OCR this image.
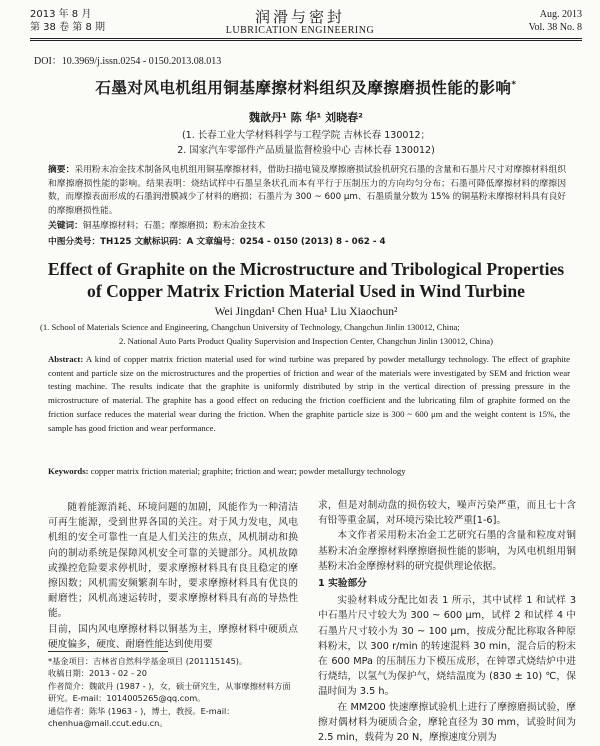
2013 年 8 月
第 38 卷 第 8 期
润滑与密封
LUBRICATION ENGINEERING
Aug. 2013
Vol. 38 No. 8
DOI：10.3969/j.issn.0254 - 0150.2013.08.013
石墨对风电机组用铜基摩擦材料组织及摩擦磨损性能的影响*
魏歆丹¹ 陈 华¹ 刘晓春²
(1. 长春工业大学材料科学与工程学院 吉林长春 130012；
2. 国家汽车零部件产品质量监督检验中心 吉林长春 130012)
摘要：采用粉末冶金技术制备风电机组用铜基摩擦材料，借助扫描电镜及摩擦磨损试验机研究石墨的含量和石墨片尺寸对摩擦材料组织和摩擦磨损性能的影响。结果表明：烧结试样中石墨呈条状孔而本有平行于压制压力的方向均匀分布；石墨可降低摩擦材料的摩擦因数，而摩擦表面形成的石墨润滑膜减少了材料的磨损；石墨片为 300 ~ 600 μm、石墨质量分数为 15% 的铜基粉末摩擦材料具有良好的摩擦磨损性能。
关键词：铜基摩擦材料；石墨；摩擦磨损；粉末冶金技术
中图分类号：TH125 文献标识码：A 文章编号：0254 - 0150 (2013) 8 - 062 - 4
Effect of Graphite on the Microstructure and Tribological Properties
of Copper Matrix Friction Material Used in Wind Turbine
Wei Jingdan¹ Chen Hua¹ Liu Xiaochun²
(1. School of Materials Science and Engineering, Changchun University of Technology, Changchun Jinlin 130012, China;
2. National Auto Parts Product Quality Supervision and Inspection Center, Changchun Jinlin 130012, China)
Abstract: A kind of copper matrix friction material used for wind turbine was prepared by powder metallurgy technology. The effect of graphite content and particle size on the microstructures and the properties of friction and wear of the materials were investigated by SEM and friction wear testing machine. The results indicate that the graphite is uniformly distributed by strip in the vertical direction of pressing pressure in the microstructure of material. The graphite has a good effect on reducing the friction coefficient and the lubricating film of graphite formed on the friction surface reduces the material wear during the friction. When the graphite particle size is 300 ~ 600 μm and the weight content is 15%, the sample has good friction and wear performance.
Keywords: copper matrix friction material; graphite; friction and wear; powder metallurgy technology
随着能源消耗、环境问题的加剧，风能作为一种清洁可再生能源，受到世界各国的关注。对于风力发电，风电机组的安全可靠性一直是人们关注的焦点，风机制动和换向的制动系统是保障风机安全可靠的关键部分。风机故障或操控危险要求停机时，要求摩擦材料具有良且稳定的摩擦因数；风机需安频繁刹车时，要求摩擦材料具有优良的耐磨性；风机高速运转时，要求摩擦材料具有高的导热性能。
目前，国内风电摩擦材料以铜基为主，摩擦材料中硬质点硬度偏多，硬度、耐磨性能达到使用要
*基金项目：吉林省自然科学基金项目 (201115145)。
收稿日期：2013 - 02 - 20
作者简介：魏歆丹 (1987 - )，女，硕士研究生，从事摩擦材料方面研究。E-mail：1014005265@qq.com。
通信作者：陈华 (1963 - )，博士，教授。E-mail：chenhua@mail.ccut.edu.cn。

求，但是对制动盘的损伤较大，噪声污染严重，而且七十含有铅等重金属，对环境污染比较严重[1-6]。

本文作者采用粉末冶金工艺研究石墨的含量和粒度对铜基粉末冶金摩擦材料摩擦磨损性能的影响，为风电机组用铜基粉末冶金摩擦材料的研究提供理论依据。

1 实验部分

实验材料成分配比如表 1 所示，其中试样 1 和试样 3 中石墨片尺寸较大为 300 ~ 600 μm，试样 2 和试样 4 中石墨片尺寸较小为 30 ~ 100 μm，按成分配比称取各种原料粉末，以 300 r/min 的转速混料 30 min，混合后的粉末在 600 MPa 的压制压力下模压成形，在钟罩式烧结炉中进行烧结，以氢气为保护气，烧结温度为 (830 ± 10) ℃，保温时间为 3.5 h。

在 MM200 快速摩擦试验机上进行了摩擦磨损试验，摩擦对偶材料为硬质合金，摩轮直径为 30 mm，试验时间为 2.5 min，载荷为 20 N，摩擦速度分别为
